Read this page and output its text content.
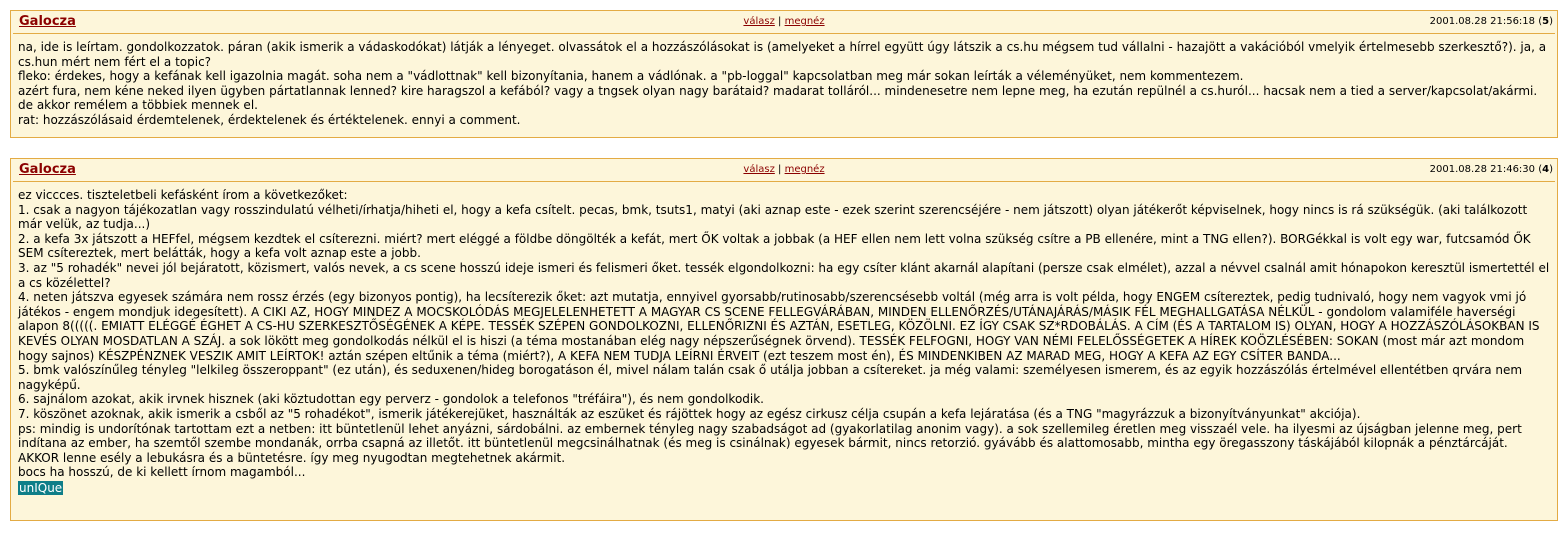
Galocza	válasz | megnéz	2001.08.28 21:56:18 (5)
na, ide is leírtam. gondolkozzatok. páran (akik ismerik a vádaskodókat) látják a lényeget. olvassátok el a hozzászólásokat is (amelyeket a hírrel együtt úgy látszik a cs.hu mégsem tud vállalni - hazajött a vakációból vmelyik értelmesebb szerkesztő?). ja, a cs.hun mért nem fért el a topic?
fleko: érdekes, hogy a kefának kell igazolnia magát. soha nem a "vádlottnak" kell bizonyítania, hanem a vádlónak. a "pb-loggal" kapcsolatban meg már sokan leírták a véleményüket, nem kommentezem.
azért fura, nem kéne neked ilyen ügyben pártatlannak lenned? kire haragszol a kefából? vagy a tngsek olyan nagy barátaid? madarat tolláról... mindenesetre nem lepne meg, ha ezután repülnél a cs.huról... hacsak nem a tied a server/kapcsolat/akármi. de akkor remélem a többiek mennek el.
rat: hozzászólásaid érdemtelenek, érdektelenek és értéktelenek. ennyi a comment.
Galocza	válasz | megnéz	2001.08.28 21:46:30 (4)
ez viccces. tiszteletbeli kefásként írom a következőket:
1. csak a nagyon tájékozatlan vagy rosszindulatú vélheti/írhatja/hiheti el, hogy a kefa csítelt. pecas, bmk, tsuts1, matyi (aki aznap este - ezek szerint szerencséjére - nem játszott) olyan játékerőt képviselnek, hogy nincs is rá szükségük. (aki találkozott már velük, az tudja...)
2. a kefa 3x játszott a HEFfel, mégsem kezdtek el csíterezni. miért? mert eléggé a földbe döngölték a kefát, mert ŐK voltak a jobbak (a HEF ellen nem lett volna szükség csítre a PB ellenére, mint a TNG ellen?). BORGékkal is volt egy war, futcsamód ŐK SEM csítereztek, mert belátták, hogy a kefa volt aznap este a jobb.
3. az "5 rohadék" nevei jól bejáratott, közismert, valós nevek, a cs scene hosszú ideje ismeri és felismeri őket. tessék elgondolkozni: ha egy csíter klánt akarnál alapítani (persze csak elmélet), azzal a névvel csalnál amit hónapokon keresztül ismertettél el a cs közélettel?
4. neten játszva egyesek számára nem rossz érzés (egy bizonyos pontig), ha lecsíterezik őket: azt mutatja, ennyivel gyorsabb/rutinosabb/szerencsésebb voltál (még arra is volt példa, hogy ENGEM csítereztek, pedig tudnivaló, hogy nem vagyok vmi jó játékos - engem mondjuk idegesített). A CIKI AZ, HOGY MINDEZ A MOCSKOLÓDÁS MEGJELELENHETETT A MAGYAR CS SCENE FELLEGVÁRÁBAN, MINDEN ELLENŐRZÉS/UTÁNAJÁRÁS/MÁSIK FÉL MEGHALLGATÁSA NÉLKÜL - gondolom valamiféle haverségi alapon 8(((((. EMIATT ELÉGGÉ ÉGHET A CS-HU SZERKESZTŐSÉGÉNEK A KÉPE. TESSÉK SZÉPEN GONDOLKOZNI, ELLENŐRIZNI ÉS AZTÁN, ESETLEG, KÖZÖLNI. EZ ÍGY CSAK SZ*RDOBÁLÁS. A CÍM (ÉS A TARTALOM IS) OLYAN, HOGY A HOZZÁSZÓLÁSOKBAN IS KEVÉS OLYAN MOSDATLAN A SZÁJ. a sok lökött meg gondolkodás nélkül el is hiszi (a téma mostanában elég nagy népszerűségnek örvend). TESSÉK FELFOGNI, HOGY VAN NÉMI FELELŐSSÉGETEK A HÍREK KOÖZLÉSÉBEN: SOKAN (most már azt mondom hogy sajnos) KÉSZPÉNZNEK VESZIK AMIT LEÍRTOK! aztán szépen eltűnik a téma (miért?), A KEFA NEM TUDJA LEÍRNI ÉRVEIT (ezt teszem most én), ÉS MINDENKIBEN AZ MARAD MEG, HOGY A KEFA AZ EGY CSÍTER BANDA...
5. bmk valószínűleg tényleg "lelkileg összeroppant" (ez után), és seduxenen/hideg borogatáson él, mivel nálam talán csak ő utálja jobban a csítereket. ja még valami: személyesen ismerem, és az egyik hozzászólás értelmével ellentétben qrvára nem nagyképű.
6. sajnálom azokat, akik irvnek hisznek (aki köztudottan egy perverz - gondolok a telefonos "tréfáira"), és nem gondolkodik.
7. köszönet azoknak, akik ismerik a csből az "5 rohadékot", ismerik játékerejüket, használták az eszüket és rájöttek hogy az egész cirkusz célja csupán a kefa lejáratása (és a TNG "magyrázzuk a bizonyítványunkat" akciója).
ps: mindig is undorítónak tartottam ezt a netben: itt büntetlenül lehet anyázni, sárdobálni. az embernek tényleg nagy szabadságot ad (gyakorlatilag anonim vagy). a sok szellemileg éretlen meg visszaél vele. ha ilyesmi az újságban jelenne meg, pert indítana az ember, ha szemtől szembe mondanák, orrba csapná az illetőt. itt büntetlenül megcsinálhatnak (és meg is csinálnak) egyesek bármit, nincs retorzió. gyávább és alattomosabb, mintha egy öregasszony táskájából kilopnák a pénztárcáját. AKKOR lenne esély a lebukásra és a büntetésre. így meg nyugodtan megtehetnek akármit.
bocs ha hosszú, de ki kellett írnom magamból...
unIQue
